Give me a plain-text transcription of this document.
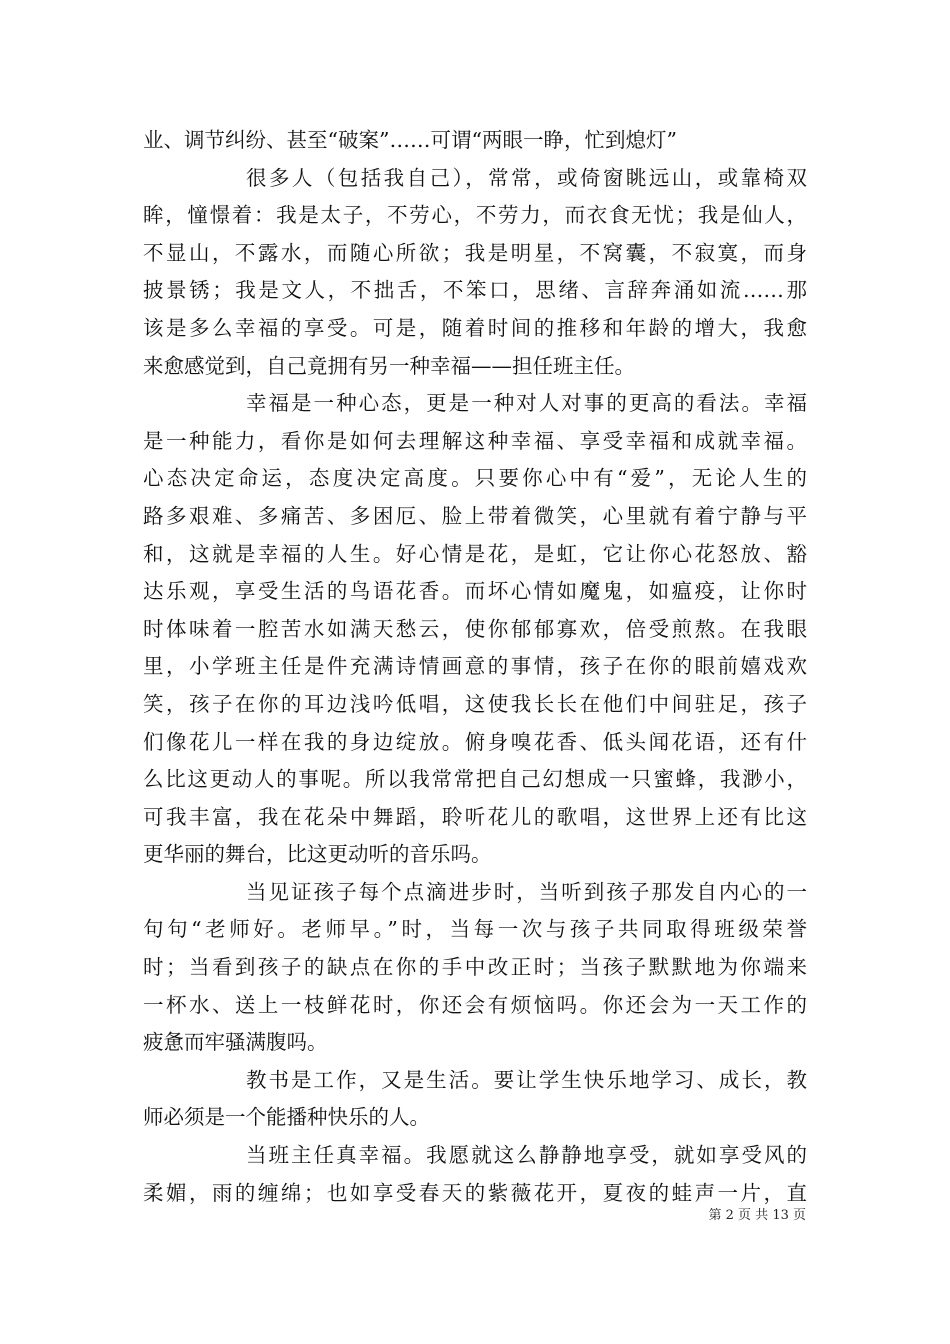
业、调节纠纷、甚至“破案”……可谓“两眼一睁，忙到熄灯”
很多人（包括我自己），常常，或倚窗眺远山，或靠椅双
眸，憧憬着：我是太子，不劳心，不劳力，而衣食无忧；我是仙人，
不显山，不露水，而随心所欲；我是明星，不窝囊，不寂寞，而身
披景锈；我是文人，不拙舌，不笨口，思绪、言辞奔涌如流……那
该是多么幸福的享受。可是，随着时间的推移和年龄的增大，我愈
来愈感觉到，自己竟拥有另一种幸福——担任班主任。
幸福是一种心态，更是一种对人对事的更高的看法。幸福
是一种能力，看你是如何去理解这种幸福、享受幸福和成就幸福。
心态决定命运，态度决定高度。只要你心中有“爱”，无论人生的
路多艰难、多痛苦、多困厄、脸上带着微笑，心里就有着宁静与平
和，这就是幸福的人生。好心情是花，是虹，它让你心花怒放、豁
达乐观，享受生活的鸟语花香。而坏心情如魔鬼，如瘟疫，让你时
时体味着一腔苦水如满天愁云，使你郁郁寡欢，倍受煎熬。在我眼
里，小学班主任是件充满诗情画意的事情，孩子在你的眼前嬉戏欢
笑，孩子在你的耳边浅吟低唱，这使我长长在他们中间驻足，孩子
们像花儿一样在我的身边绽放。俯身嗅花香、低头闻花语，还有什
么比这更动人的事呢。所以我常常把自己幻想成一只蜜蜂，我渺小，
可我丰富，我在花朵中舞蹈，聆听花儿的歌唱，这世界上还有比这
更华丽的舞台，比这更动听的音乐吗。
当见证孩子每个点滴进步时，当听到孩子那发自内心的一
句句“老师好。老师早。”时，当每一次与孩子共同取得班级荣誉
时；当看到孩子的缺点在你的手中改正时；当孩子默默地为你端来
一杯水、送上一枝鲜花时，你还会有烦恼吗。你还会为一天工作的
疲惫而牢骚满腹吗。
教书是工作，又是生活。要让学生快乐地学习、成长，教
师必须是一个能播种快乐的人。
当班主任真幸福。我愿就这么静静地享受，就如享受风的
柔媚，雨的缠绵；也如享受春天的紫薇花开，夏夜的蛙声一片，直
第 2 页 共 13 页
